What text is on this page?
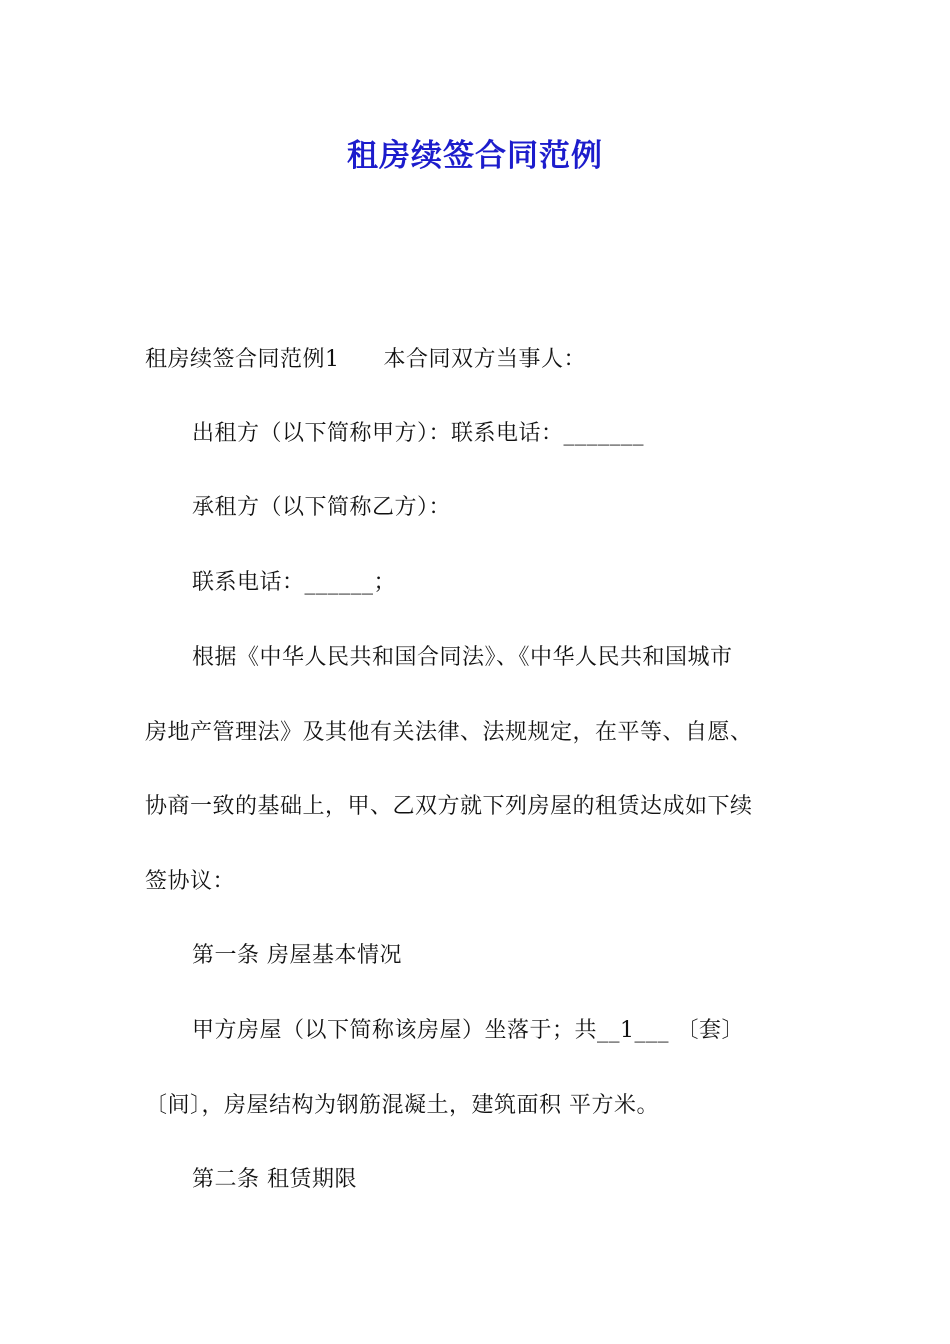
租房续签合同范例
租房续签合同范例1 本合同双方当事人：
出租方（以下简称甲方）：联系电话：_______
承租方（以下简称乙方）：
联系电话：______；
根据《中华人民共和国合同法》、《中华人民共和国城市
房地产管理法》及其他有关法律、法规规定，在平等、自愿、
协商一致的基础上，甲、乙双方就下列房屋的租赁达成如下续
签协议：
第一条 房屋基本情况
甲方房屋（以下简称该房屋）坐落于；共__1___ 〔套〕
〔间〕，房屋结构为钢筋混凝土，建筑面积 平方米。
第二条 租赁期限
